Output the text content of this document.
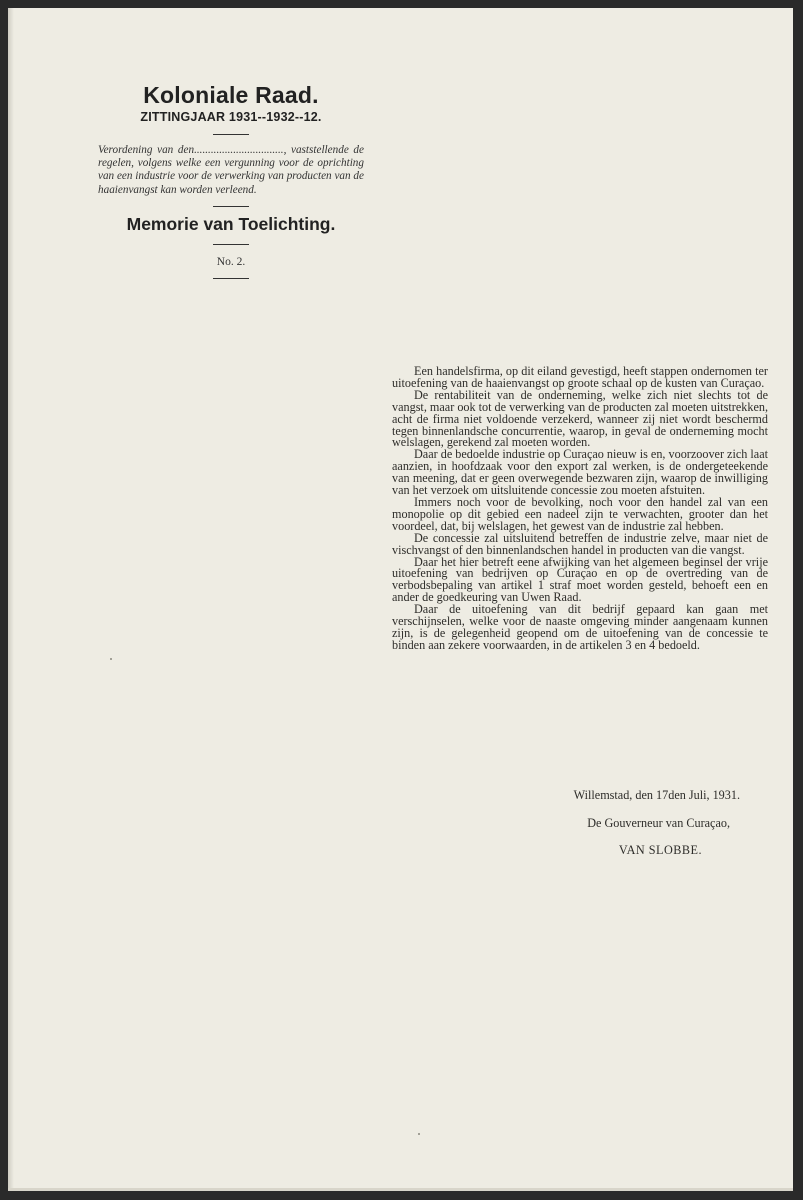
Koloniale Raad.
ZITTINGJAAR 1931--1932--12.

Verordening van den................................, vaststellende de regelen, volgens welke een vergunning voor de oprichting van een industrie voor de verwerking van producten van de haaienvangst kan worden verleend.

Memorie van Toelichting.
No. 2.

Een handelsfirma, op dit eiland gevestigd, heeft stappen ondernomen ter uitoefening van de haaienvangst op groote schaal op de kusten van Curaçao.

De rentabiliteit van de onderneming, welke zich niet slechts tot de vangst, maar ook tot de verwerking van de producten zal moeten uitstrekken, acht de firma niet voldoende verzekerd, wanneer zij niet wordt beschermd tegen binnenlandsche concurrentie, waarop, in geval de onderneming mocht welslagen, gerekend zal moeten worden.

Daar de bedoelde industrie op Curaçao nieuw is en, voorzoover zich laat aanzien, in hoofdzaak voor den export zal werken, is de ondergeteekende van meening, dat er geen overwegende bezwaren zijn, waarop de inwilliging van het verzoek om uitsluitende concessie zou moeten afstuiten.

Immers noch voor de bevolking, noch voor den handel zal van een monopolie op dit gebied een nadeel zijn te verwachten, grooter dan het voordeel, dat, bij welslagen, het gewest van de industrie zal hebben.

De concessie zal uitsluitend betreffen de industrie zelve, maar niet de vischvangst of den binnenlandschen handel in producten van die vangst.

Daar het hier betreft eene afwijking van het algemeen beginsel der vrije uitoefening van bedrijven op Curaçao en op de overtreding van de verbodsbepaling van artikel 1 straf moet worden gesteld, behoeft een en ander de goedkeuring van Uwen Raad.

Daar de uitoefening van dit bedrijf gepaard kan gaan met verschijnselen, welke voor de naaste omgeving minder aangenaam kunnen zijn, is de gelegenheid geopend om de uitoefening van de concessie te binden aan zekere voorwaarden, in de artikelen 3 en 4 bedoeld.

Willemstad, den 17den Juli, 1931.

De Gouverneur van Curaçao,

VAN SLOBBE.
